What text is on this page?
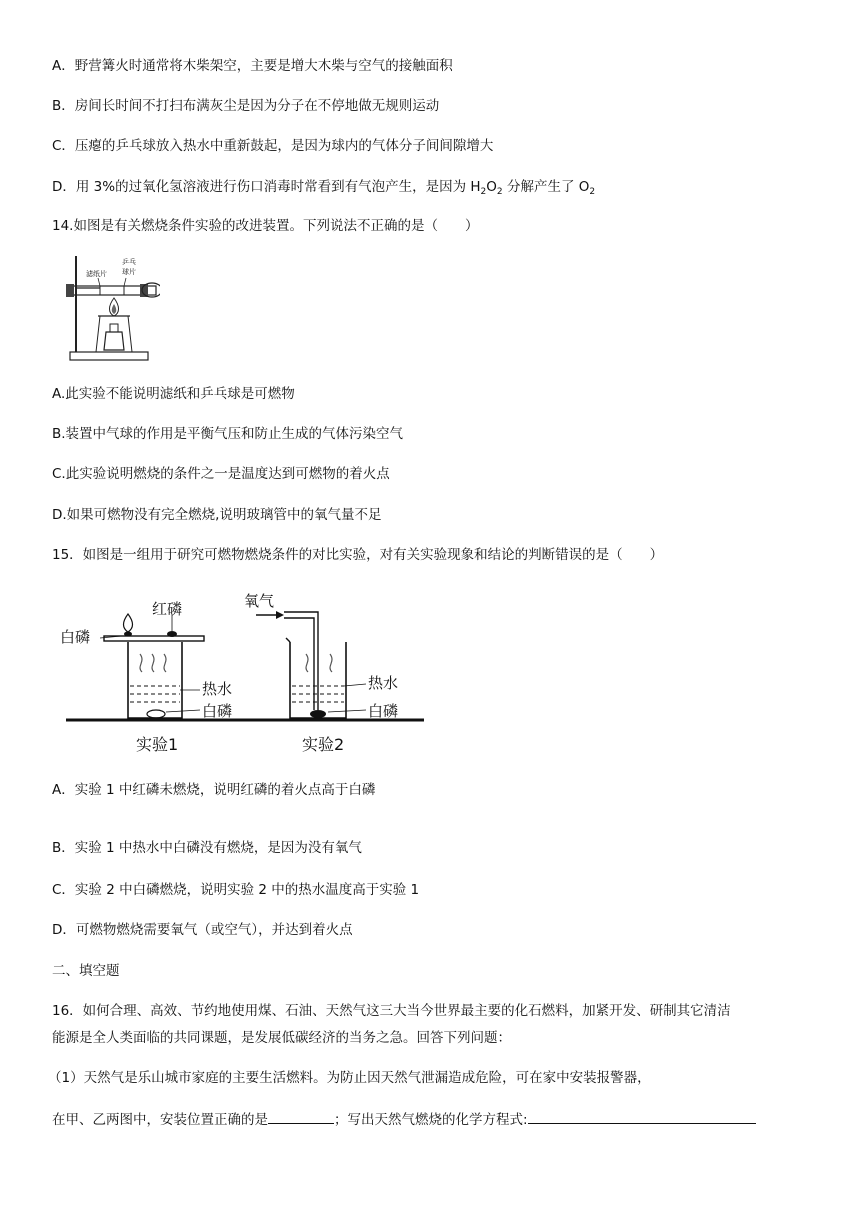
A．野营篝火时通常将木柴架空，主要是增大木柴与空气的接触面积
B．房间长时间不打扫布满灰尘是因为分子在不停地做无规则运动
C．压瘪的乒乓球放入热水中重新鼓起，是因为球内的气体分子间间隙增大
D．用 3%的过氧化氢溶液进行伤口消毒时常看到有气泡产生，是因为 $H_2O_2$ 分解产生了 $O_2$
14.如图是有关燃烧条件实验的改进装置。下列说法不正确的是（　　）
滤纸片
乒乓
球片
A.此实验不能说明滤纸和乒乓球是可燃物
B.装置中气球的作用是平衡气压和防止生成的气体污染空气
C.此实验说明燃烧的条件之一是温度达到可燃物的着火点
D.如果可燃物没有完全燃烧,说明玻璃管中的氧气量不足
15．如图是一组用于研究可燃物燃烧条件的对比实验，对有关实验现象和结论的判断错误的是（　　）
红磷
白磷
热水
白磷
实验1
氧气
热水
白磷
实验2
A．实验 1 中红磷未燃烧，说明红磷的着火点高于白磷
B．实验 1 中热水中白磷没有燃烧，是因为没有氧气
C．实验 2 中白磷燃烧，说明实验 2 中的热水温度高于实验 1
D．可燃物燃烧需要氧气（或空气），并达到着火点
二、填空题
16．如何合理、高效、节约地使用煤、石油、天然气这三大当今世界最主要的化石燃料，加紧开发、研制其它清洁
能源是全人类面临的共同课题，是发展低碳经济的当务之急。回答下列问题：
（1）天然气是乐山城市家庭的主要生活燃料。为防止因天然气泄漏造成危险，可在家中安装报警器，
在甲、乙两图中，安装位置正确的是	；写出天然气燃烧的化学方程式:
